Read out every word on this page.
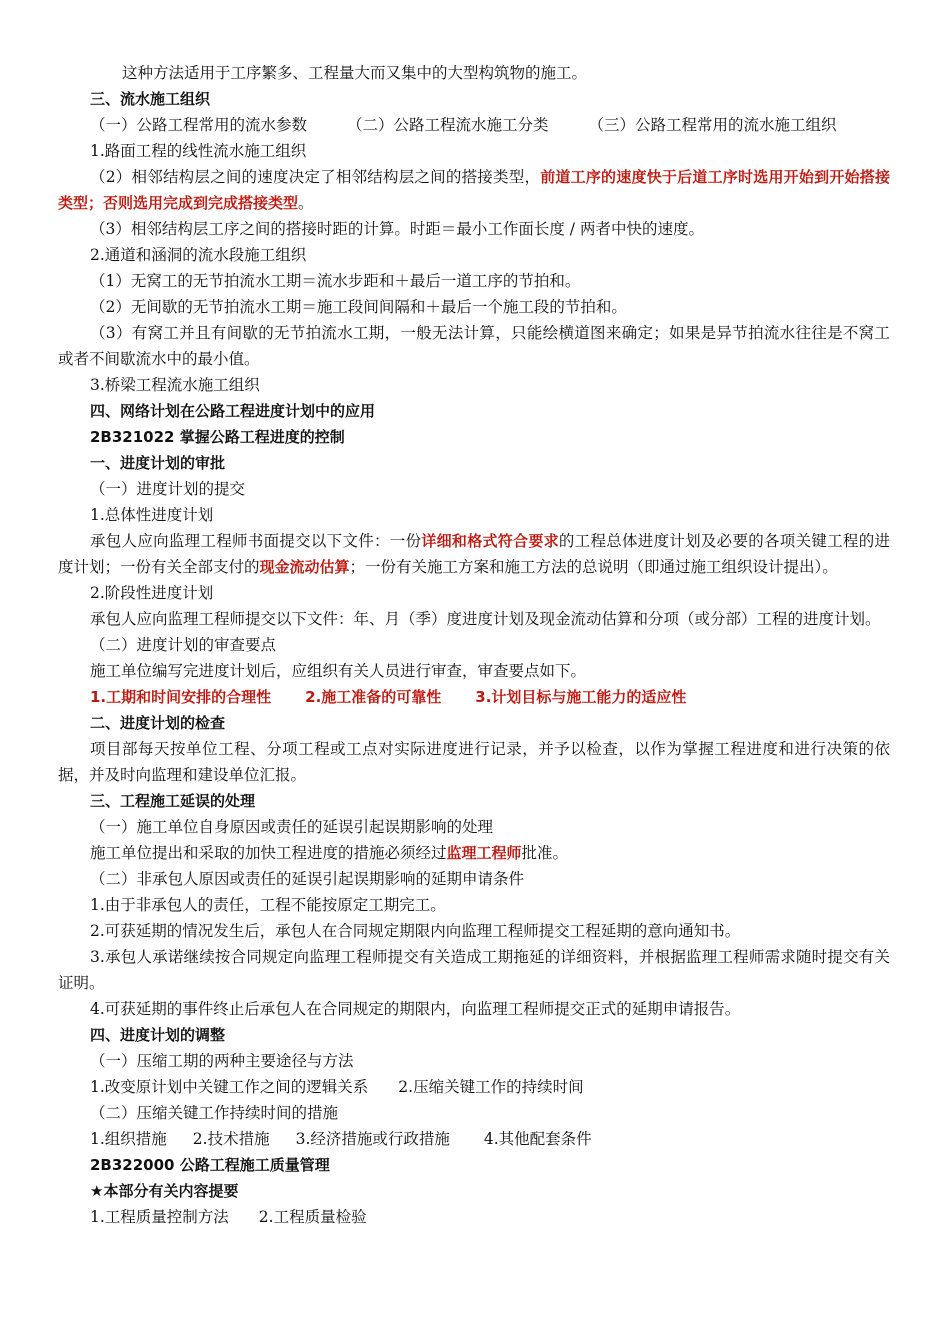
这种方法适用于工序繁多、工程量大而又集中的大型构筑物的施工。
三、流水施工组织
（一）公路工程常用的流水参数	（二）公路工程流水施工分类	（三）公路工程常用的流水施工组织
1.路面工程的线性流水施工组织
（2）相邻结构层之间的速度决定了相邻结构层之间的搭接类型，前道工序的速度快于后道工序时选用开始到开始搭接类型；否则选用完成到完成搭接类型。
（3）相邻结构层工序之间的搭接时距的计算。时距＝最小工作面长度 / 两者中快的速度。
2.通道和涵洞的流水段施工组织
（1）无窝工的无节拍流水工期＝流水步距和＋最后一道工序的节拍和。
（2）无间歇的无节拍流水工期＝施工段间间隔和＋最后一个施工段的节拍和。
（3）有窝工并且有间歇的无节拍流水工期，一般无法计算，只能绘横道图来确定；如果是异节拍流水往往是不窝工或者不间歇流水中的最小值。
3.桥梁工程流水施工组织
四、网络计划在公路工程进度计划中的应用
2B321022 掌握公路工程进度的控制
一、进度计划的审批
（一）进度计划的提交
1.总体性进度计划
承包人应向监理工程师书面提交以下文件：一份详细和格式符合要求的工程总体进度计划及必要的各项关键工程的进度计划；一份有关全部支付的现金流动估算；一份有关施工方案和施工方法的总说明（即通过施工组织设计提出）。
2.阶段性进度计划
承包人应向监理工程师提交以下文件：年、月（季）度进度计划及现金流动估算和分项（或分部）工程的进度计划。
（二）进度计划的审查要点
施工单位编写完进度计划后，应组织有关人员进行审查，审查要点如下。
1.工期和时间安排的合理性 2.施工准备的可靠性 3.计划目标与施工能力的适应性
二、进度计划的检查
项目部每天按单位工程、分项工程或工点对实际进度进行记录，并予以检查，以作为掌握工程进度和进行决策的依据，并及时向监理和建设单位汇报。
三、工程施工延误的处理
（一）施工单位自身原因或责任的延误引起误期影响的处理
施工单位提出和采取的加快工程进度的措施必须经过监理工程师批准。
（二）非承包人原因或责任的延误引起误期影响的延期申请条件
1.由于非承包人的责任，工程不能按原定工期完工。
2.可获延期的情况发生后，承包人在合同规定期限内向监理工程师提交工程延期的意向通知书。
3.承包人承诺继续按合同规定向监理工程师提交有关造成工期拖延的详细资料，并根据监理工程师需求随时提交有关证明。
4.可获延期的事件终止后承包人在合同规定的期限内，向监理工程师提交正式的延期申请报告。
四、进度计划的调整
（一）压缩工期的两种主要途径与方法
1.改变原计划中关键工作之间的逻辑关系 2.压缩关键工作的持续时间
（二）压缩关键工作持续时间的措施
1.组织措施 2.技术措施 3.经济措施或行政措施 4.其他配套条件
2B322000 公路工程施工质量管理
★本部分有关内容提要
1.工程质量控制方法 2.工程质量检验
